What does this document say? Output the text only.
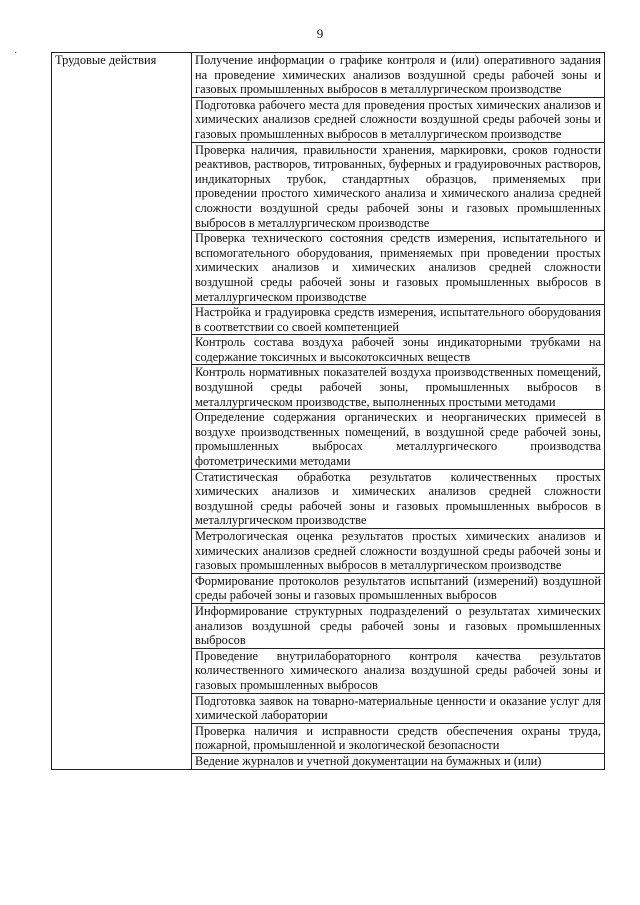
9
·	Трудовые действия	Получение информации о графике контроля и (или) оперативного задания на проведение химических анализов воздушной среды рабочей зоны и газовых промышленных выбросов в металлургическом производстве

Подготовка рабочего места для проведения простых химических анализов и химических анализов средней сложности воздушной среды рабочей зоны и газовых промышленных выбросов в металлургическом производстве

Проверка наличия, правильности хранения, маркировки, сроков годности реактивов, растворов, титрованных, буферных и градуировочных растворов, индикаторных трубок, стандартных образцов, применяемых при проведении простого химического анализа и химического анализа средней сложности воздушной среды рабочей зоны и газовых промышленных выбросов в металлургическом производстве

Проверка технического состояния средств измерения, испытательного и вспомогательного оборудования, применяемых при проведении простых химических анализов и химических анализов средней сложности воздушной среды рабочей зоны и газовых промышленных выбросов в металлургическом производстве

Настройка и градуировка средств измерения, испытательного оборудования в соответствии со своей компетенцией

Контроль состава воздуха рабочей зоны индикаторными трубками на содержание токсичных и высокотоксичных веществ

Контроль нормативных показателей воздуха производственных помещений, воздушной среды рабочей зоны, промышленных выбросов в металлургическом производстве, выполненных простыми методами

Определение содержания органических и неорганических примесей в воздухе производственных помещений, в воздушной среде рабочей зоны, промышленных выбросах металлургического производства фотометрическими методами

Статистическая обработка результатов количественных простых химических анализов и химических анализов средней сложности воздушной среды рабочей зоны и газовых промышленных выбросов в металлургическом производстве

Метрологическая оценка результатов простых химических анализов и химических анализов средней сложности воздушной среды рабочей зоны и газовых промышленных выбросов в металлургическом производстве

Формирование протоколов результатов испытаний (измерений) воздушной среды рабочей зоны и газовых промышленных выбросов

Информирование структурных подразделений о результатах химических анализов воздушной среды рабочей зоны и газовых промышленных выбросов

Проведение внутрилабораторного контроля качества результатов количественного химического анализа воздушной среды рабочей зоны и газовых промышленных выбросов

Подготовка заявок на товарно-материальные ценности и оказание услуг для химической лаборатории

Проверка наличия и исправности средств обеспечения охраны труда, пожарной, промышленной и экологической безопасности

Ведение журналов и учетной документации на бумажных и (или)
